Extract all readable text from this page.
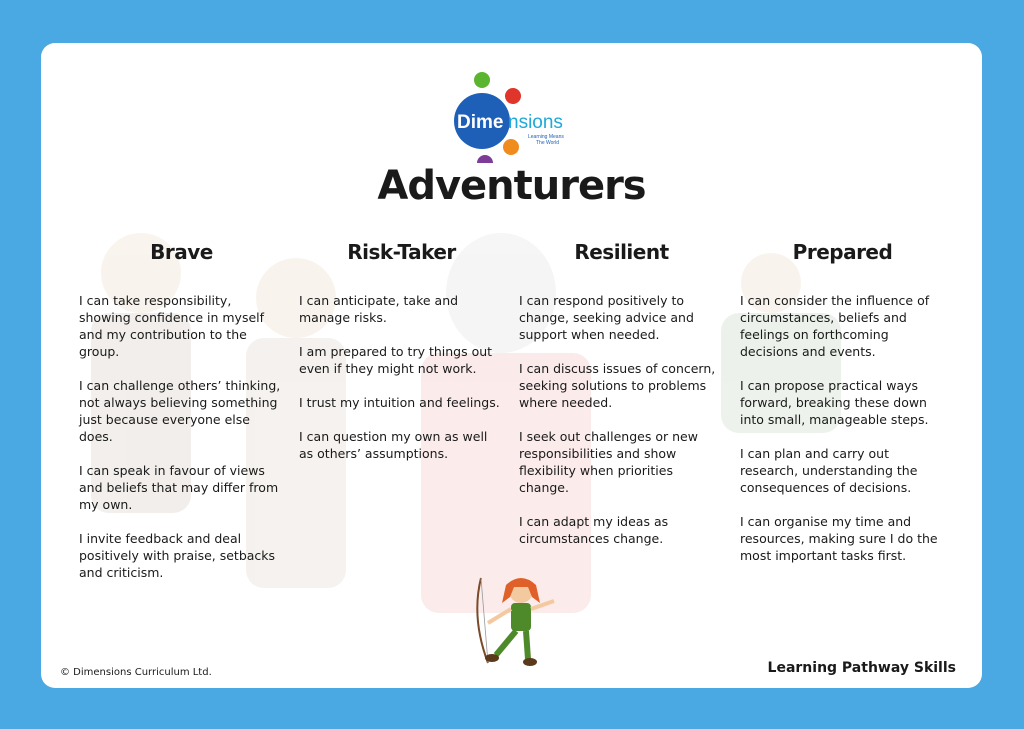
Dime nsions
Learning Means
The World
Adventurers
Brave

I can take responsibility, showing confidence in myself and my contribution to the group.

I can challenge others’ thinking, not always believing something just because everyone else does.

I can speak in favour of views and beliefs that may differ from my own.

I invite feedback and deal positively with praise, setbacks and criticism.

Risk-Taker

I can anticipate, take and manage risks.

I am prepared to try things out even if they might not work.

I trust my intuition and feelings.

I can question my own as well as others’ assumptions.

Resilient

I can respond positively to change, seeking advice and support when needed.

I can discuss issues of concern, seeking solutions to problems where needed.

I seek out challenges or new responsibilities and show flexibility when priorities change.

I can adapt my ideas as circumstances change.

Prepared

I can consider the influence of circumstances, beliefs and feelings on forthcoming decisions and events.

I can propose practical ways forward, breaking these down into small, manageable steps.

I can plan and carry out research, understanding the consequences of decisions.

I can organise my time and resources, making sure I do the most important tasks first.

© Dimensions Curriculum Ltd.	Learning Pathway Skills
